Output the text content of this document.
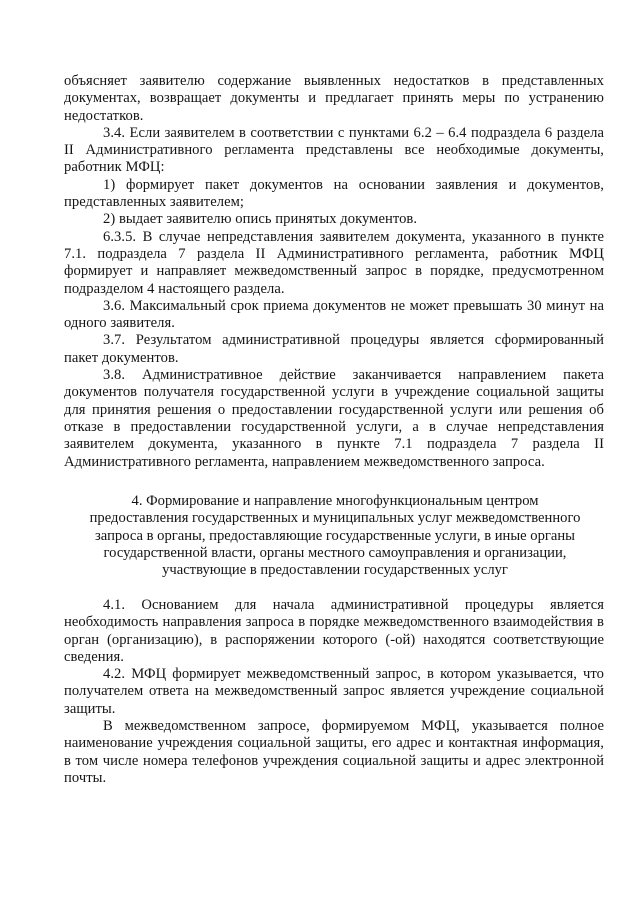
объясняет заявителю содержание выявленных недостатков в представленных документах, возвращает документы и предлагает принять меры по устранению недостатков.

3.4. Если заявителем в соответствии с пунктами 6.2 – 6.4 подраздела 6 раздела II Административного регламента представлены все необходимые документы, работник МФЦ:

1) формирует пакет документов на основании заявления и документов, представленных заявителем;

2) выдает заявителю опись принятых документов.

6.3.5. В случае непредставления заявителем документа, указанного в пункте 7.1. подраздела 7 раздела II Административного регламента, работник МФЦ формирует и направляет межведомственный запрос в порядке, предусмотренном подразделом 4 настоящего раздела.

3.6. Максимальный срок приема документов не может превышать 30 минут на одного заявителя.

3.7. Результатом административной процедуры является сформированный пакет документов.

3.8. Административное действие заканчивается направлением пакета документов получателя государственной услуги в учреждение социальной защиты для принятия решения о предоставлении государственной услуги или решения об отказе в предоставлении государственной услуги, а в случае непредставления заявителем документа, указанного в пункте 7.1 подраздела 7 раздела II Административного регламента, направлением межведомственного запроса.

4. Формирование и направление многофункциональным центром

предоставления государственных и муниципальных услуг межведомственного

запроса в органы, предоставляющие государственные услуги, в иные органы

государственной власти, органы местного самоуправления и организации,

участвующие в предоставлении государственных услуг

4.1. Основанием для начала административной процедуры является необходимость направления запроса в порядке межведомственного взаимодействия в орган (организацию), в распоряжении которого (-ой) находятся соответствующие сведения.

4.2. МФЦ формирует межведомственный запрос, в котором указывается, что получателем ответа на межведомственный запрос является учреждение социальной защиты.

В межведомственном запросе, формируемом МФЦ, указывается полное наименование учреждения социальной защиты, его адрес и контактная информация, в том числе номера телефонов учреждения социальной защиты и адрес электронной почты.
